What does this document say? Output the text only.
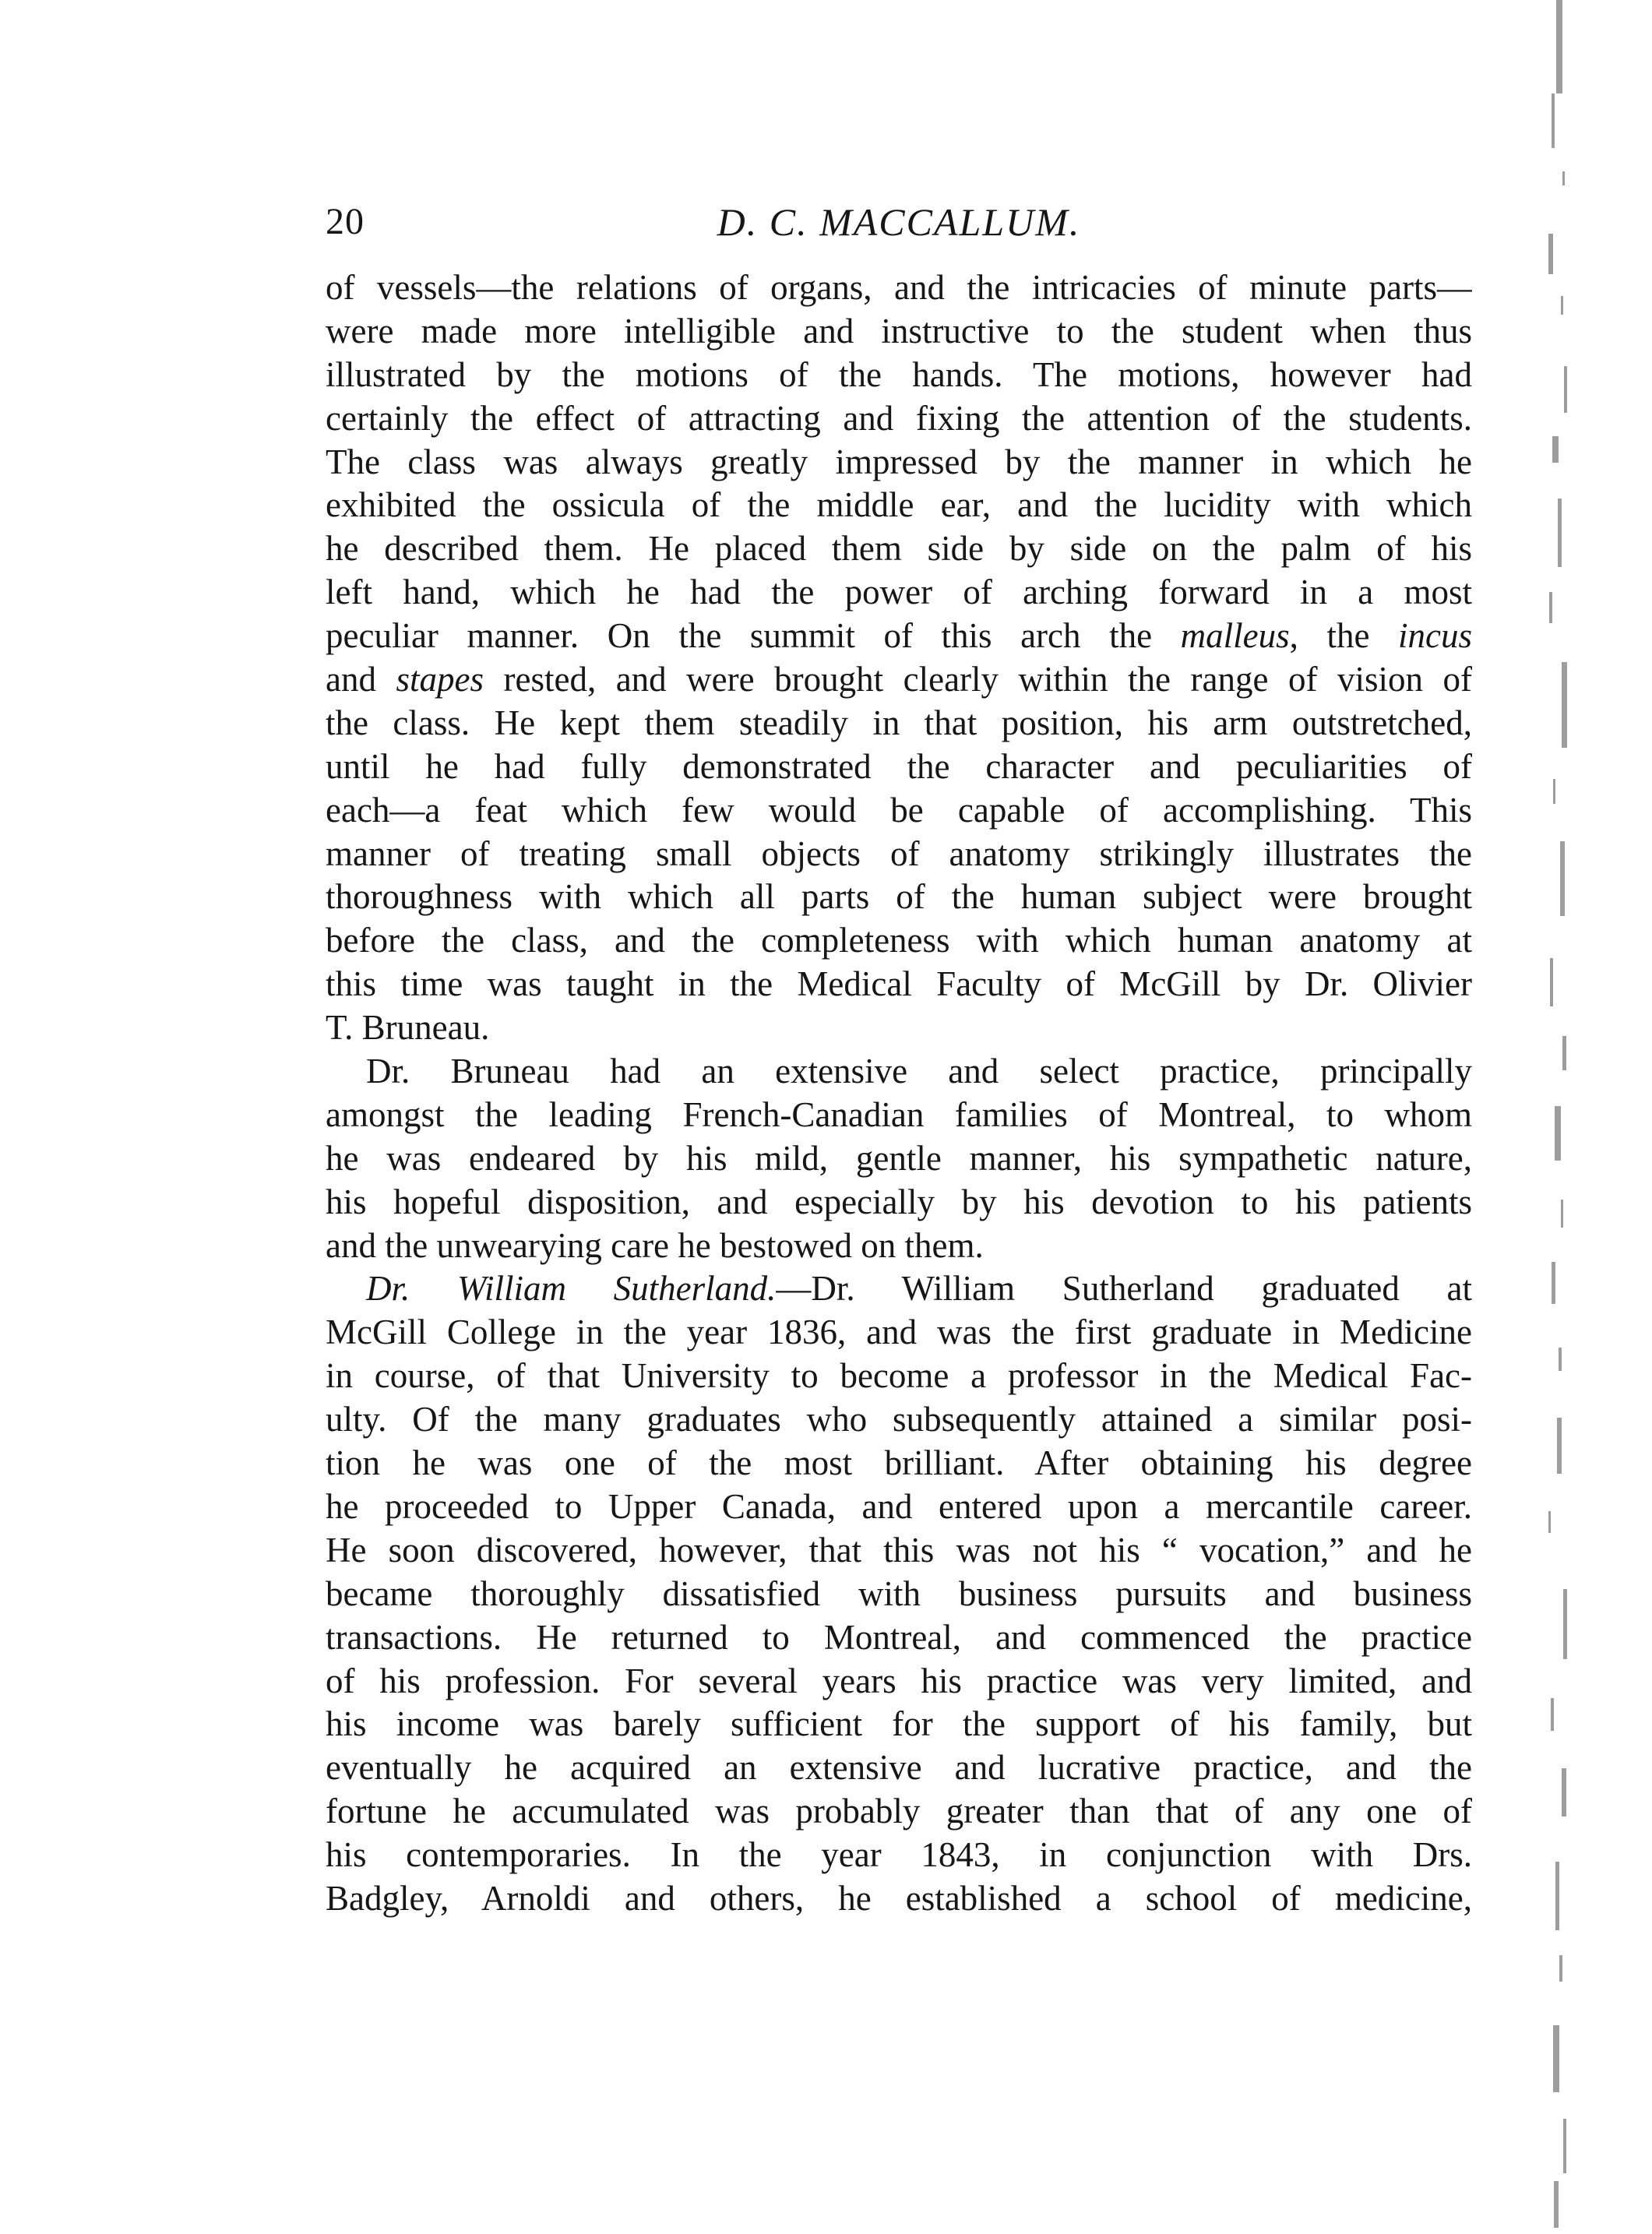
20	D. C. MACCALLUM.
of vessels—the relations of organs, and the intricacies of minute parts—
were made more intelligible and instructive to the student when thus
illustrated by the motions of the hands. The motions, however had
certainly the effect of attracting and fixing the attention of the students.
The class was always greatly impressed by the manner in which he
exhibited the ossicula of the middle ear, and the lucidity with which
he described them. He placed them side by side on the palm of his
left hand, which he had the power of arching forward in a most
peculiar manner. On the summit of this arch the malleus, the incus
and stapes rested, and were brought clearly within the range of vision of
the class. He kept them steadily in that position, his arm outstretched,
until he had fully demonstrated the character and peculiarities of
each—a feat which few would be capable of accomplishing. This
manner of treating small objects of anatomy strikingly illustrates the
thoroughness with which all parts of the human subject were brought
before the class, and the completeness with which human anatomy at
this time was taught in the Medical Faculty of McGill by Dr. Olivier
T. Bruneau.
Dr. Bruneau had an extensive and select practice, principally
amongst the leading French-Canadian families of Montreal, to whom
he was endeared by his mild, gentle manner, his sympathetic nature,
his hopeful disposition, and especially by his devotion to his patients
and the unwearying care he bestowed on them.
Dr. William Sutherland.—Dr. William Sutherland graduated at
McGill College in the year 1836, and was the first graduate in Medicine
in course, of that University to become a professor in the Medical Fac-
ulty. Of the many graduates who subsequently attained a similar posi-
tion he was one of the most brilliant. After obtaining his degree
he proceeded to Upper Canada, and entered upon a mercantile career.
He soon discovered, however, that this was not his “ vocation,” and he
became thoroughly dissatisfied with business pursuits and business
transactions. He returned to Montreal, and commenced the practice
of his profession. For several years his practice was very limited, and
his income was barely sufficient for the support of his family, but
eventually he acquired an extensive and lucrative practice, and the
fortune he accumulated was probably greater than that of any one of
his contemporaries. In the year 1843, in conjunction with Drs.
Badgley, Arnoldi and others, he established a school of medicine,
